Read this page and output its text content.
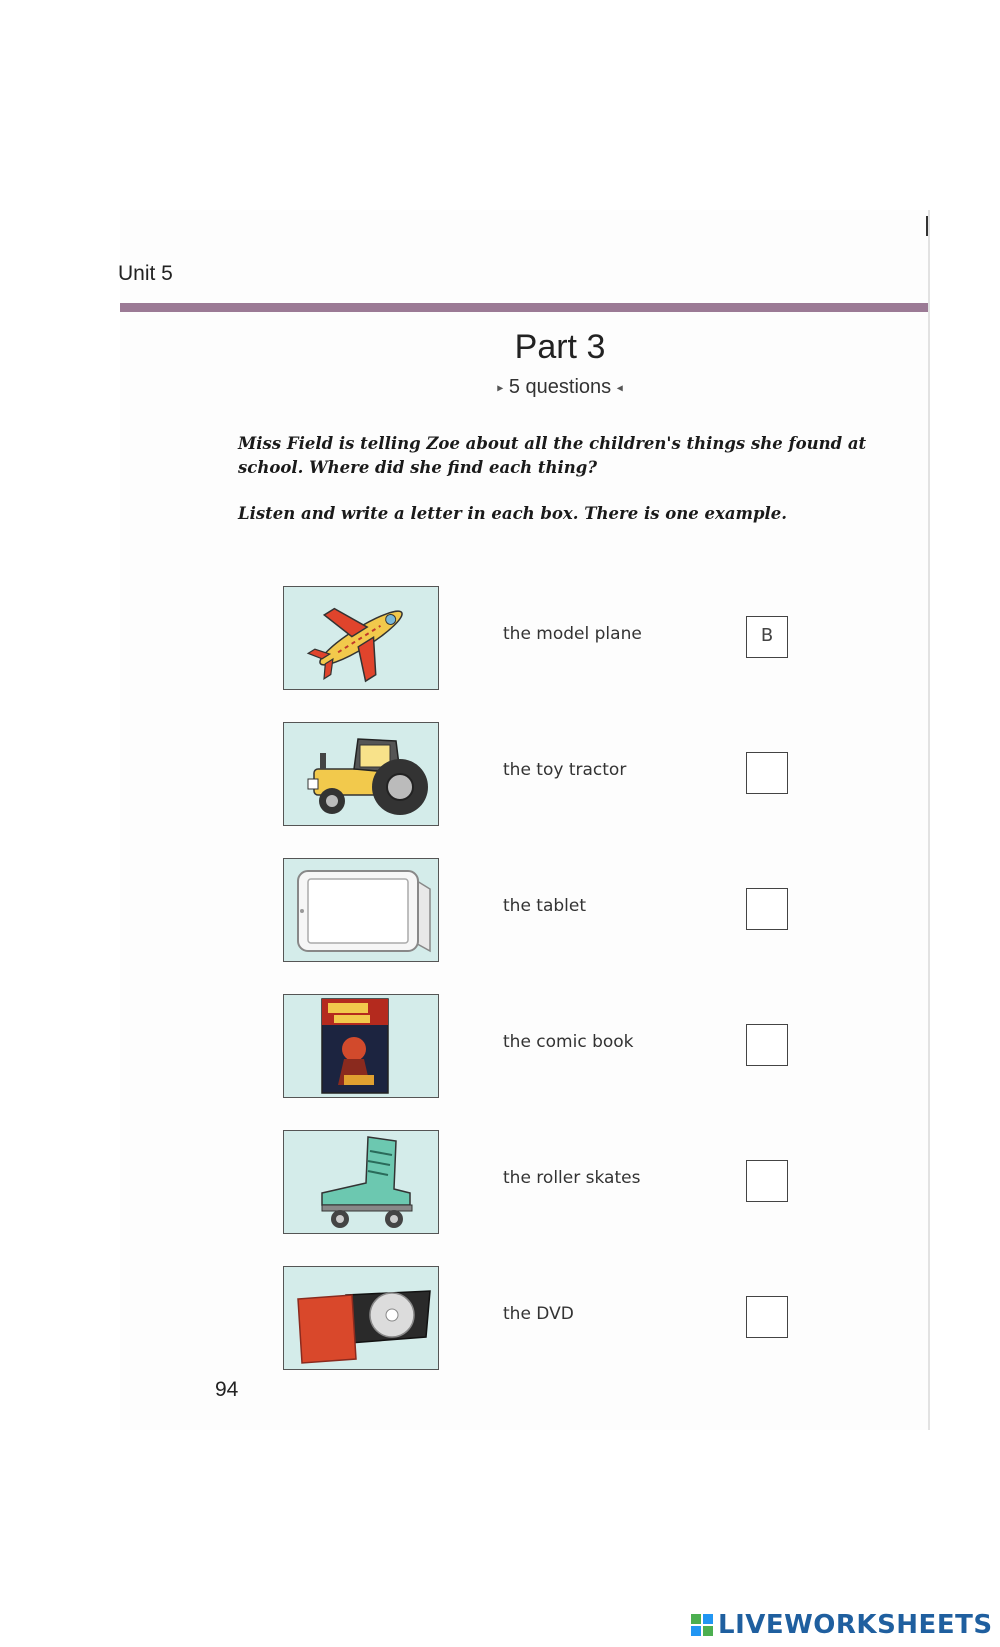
Unit 5
Part 3
▸ 5 questions ◂
Miss Field is telling Zoe about all the children's things she found at school. Where did she find each thing?
Listen and write a letter in each box. There is one example.
the model plane	B
the toy tractor
the tablet
the comic book
the roller skates
the DVD
94
LIVEWORKSHEETS
